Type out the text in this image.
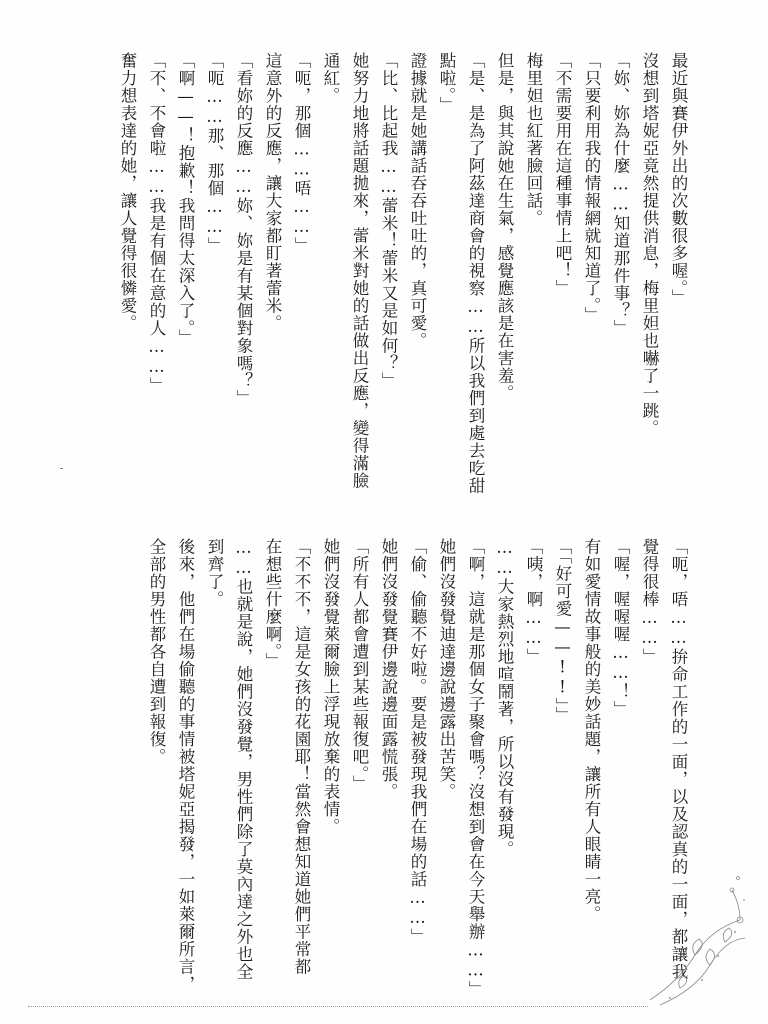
最近與賽伊外出的次數很多喔。」
沒想到塔妮亞竟然提供消息，梅里妲也嚇了一跳。
「妳、妳為什麼……知道那件事？」
「只要利用我的情報網就知道了。」
「不需要用在這種事情上吧！」
梅里妲也紅著臉回話。
但是，與其說她在生氣，感覺應該是在害羞。
「是、是為了阿茲達商會的視察……所以我們到處去吃甜
點啦。」
證據就是她講話吞吞吐吐的，真可愛。
「比、比起我……蕾米！蕾米又是如何？」
她努力地將話題拋來，蕾米對她的話做出反應，變得滿臉
通紅。
「呃，那個……唔……」
這意外的反應，讓大家都盯著蕾米。
「看妳的反應……妳、妳是有某個對象嗎？」
「呃……那、那個……」
「啊——！抱歉！我問得太深入了。」
「不、不會啦……我是有個在意的人……」
奮力想表達的她，讓人覺得很憐愛。
「呃，唔……拚命工作的一面，以及認真的一面，都讓我
覺得很棒……」
「喔，喔喔喔……！」
有如愛情故事般的美妙話題，讓所有人眼睛一亮。
「「好可愛——!!」」
「咦，啊……」
……大家熱烈地喧鬧著，所以沒有發現。
「啊，這就是那個女子聚會嗎？沒想到會在今天舉辦……」
她們沒發覺迪達邊說邊露出苦笑。
「偷、偷聽不好啦。要是被發現我們在場的話……」
她們沒發覺賽伊邊說邊面露慌張。
「所有人都會遭到某些報復吧。」
她們沒發覺萊爾臉上浮現放棄的表情。
「不不不，這是女孩的花園耶！當然會想知道她們平常都
在想些什麼啊。」
……也就是說，她們沒發覺，男性們除了莫內達之外也全
到齊了。
後來，他們在場偷聽的事情被塔妮亞揭發，一如萊爾所言，
全部的男性都各自遭到報復。
